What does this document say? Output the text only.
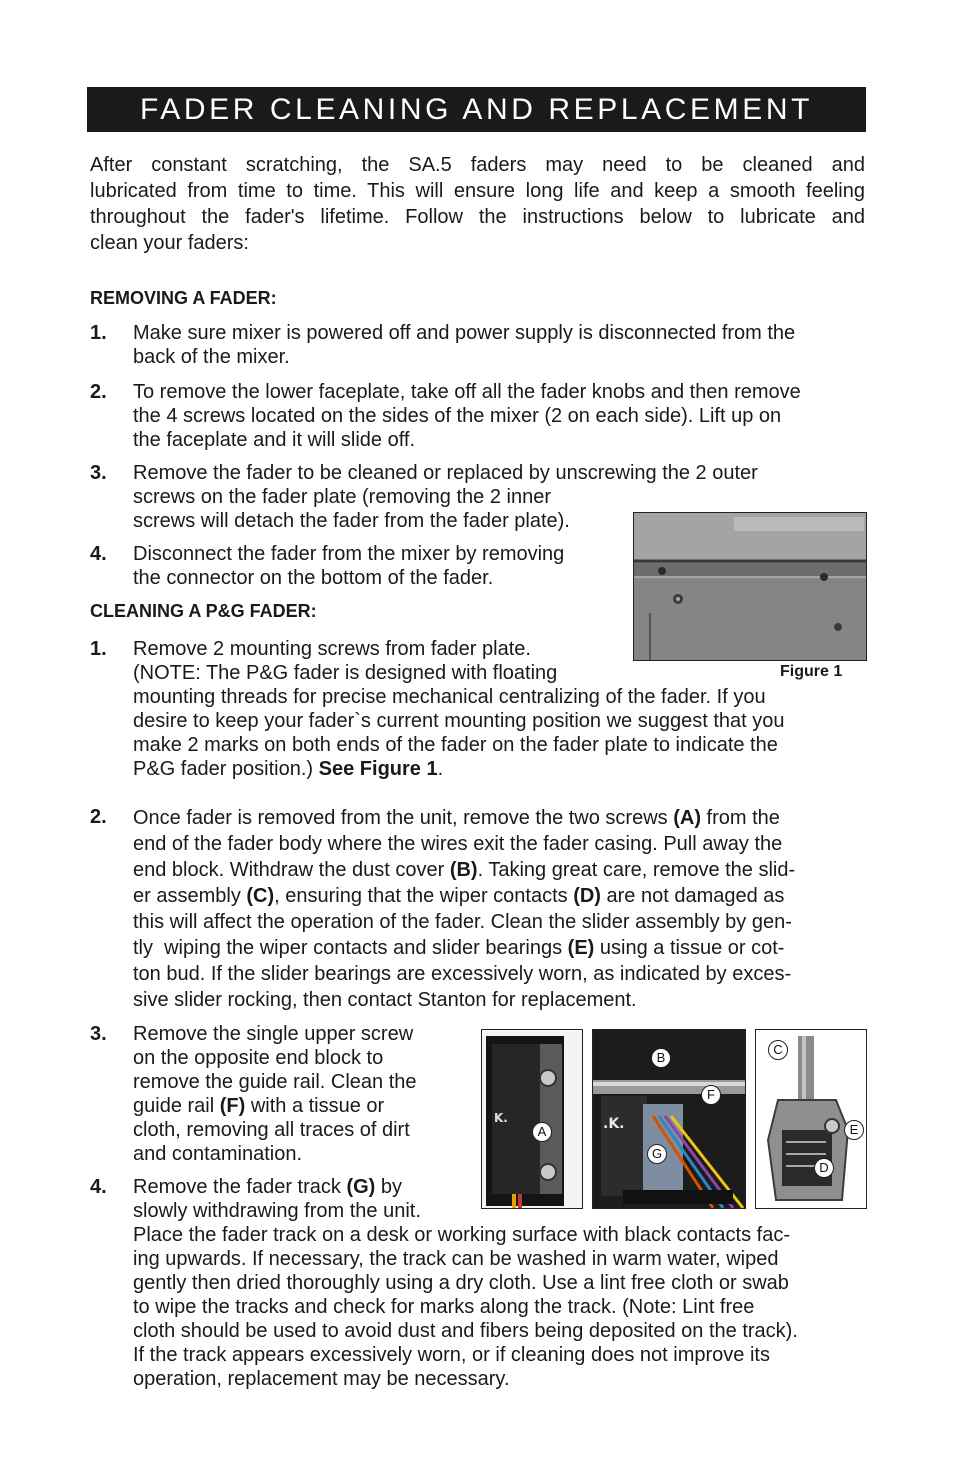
FADER CLEANING AND REPLACEMENT
After constant scratching, the SA.5 faders may need to be cleaned and
lubricated from time to time. This will ensure long life and keep a smooth feeling
throughout the fader's lifetime. Follow the instructions below to lubricate and
clean your faders:
REMOVING A FADER:
1. Make sure mixer is powered off and power supply is disconnected from the
back of the mixer.
2. To remove the lower faceplate, take off all the fader knobs and then remove
the 4 screws located on the sides of the mixer (2 on each side). Lift up on
the faceplate and it will slide off.
3. Remove the fader to be cleaned or replaced by unscrewing the 2 outer
screws on the fader plate (removing the 2 inner
screws will detach the fader from the fader plate).
4. Disconnect the fader from the mixer by removing
the connector on the bottom of the fader.
Figure 1
CLEANING A P&G FADER:
1. Remove 2 mounting screws from fader plate.
(NOTE: The P&G fader is designed with floating
mounting threads for precise mechanical centralizing of the fader. If you
desire to keep your fader`s current mounting position we suggest that you
make 2 marks on both ends of the fader on the fader plate to indicate the
P&G fader position.) See Figure 1.
2. Once fader is removed from the unit, remove the two screws (A) from the
end of the fader body where the wires exit the fader casing. Pull away the
end block. Withdraw the dust cover (B). Taking great care, remove the slid-
er assembly (C), ensuring that the wiper contacts (D) are not damaged as
this will affect the operation of the fader. Clean the slider assembly by gen-
tly  wiping the wiper contacts and slider bearings (E) using a tissue or cot-
ton bud. If the slider bearings are excessively worn, as indicated by exces-
sive slider rocking, then contact Stanton for replacement.
3. Remove the single upper screw
on the opposite end block to
remove the guide rail. Clean the
guide rail (F) with a tissue or
cloth, removing all traces of dirt
and contamination.
4. Remove the fader track (G) by
slowly withdrawing from the unit.
Place the fader track on a desk or working surface with black contacts fac-
ing upwards. If necessary, the track can be washed in warm water, wiped
gently then dried thoroughly using a dry cloth. Use a lint free cloth or swab
to wipe the tracks and check for marks along the track. (Note: Lint free
cloth should be used to avoid dust and fibers being deposited on the track).
If the track appears excessively worn, or if cleaning does not improve its
operation, replacement may be necessary.
K.
A	.K.
B
F
G
C
E
D
